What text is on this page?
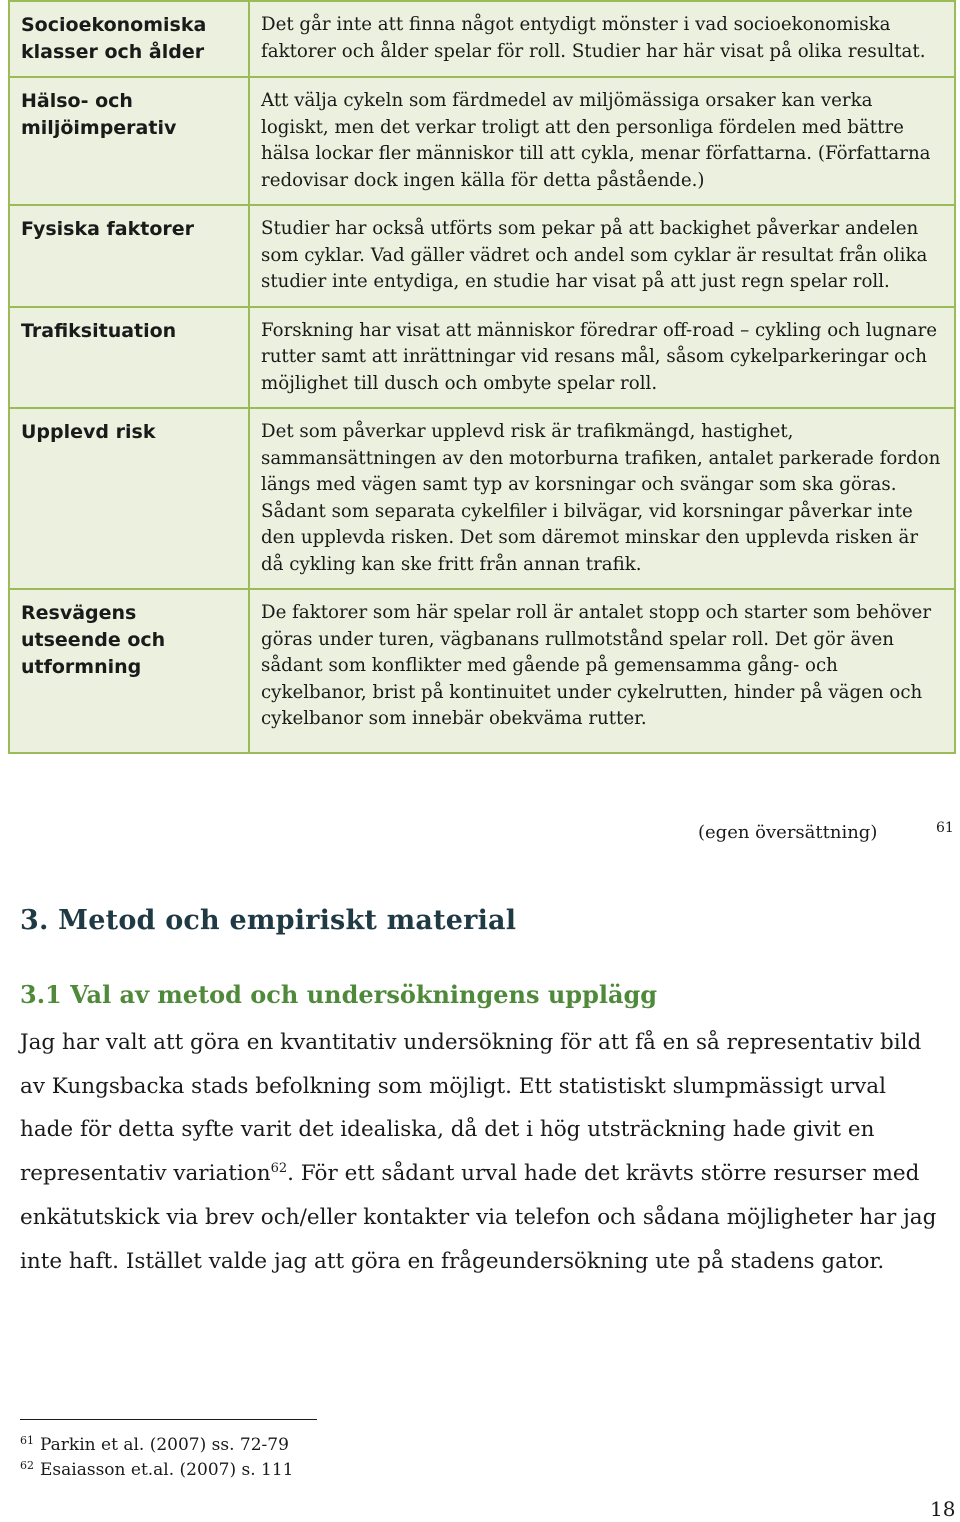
Socioekonomiska klasser och ålder	Det går inte att finna något entydigt mönster i vad socioekonomiska faktorer och ålder spelar för roll. Studier har här visat på olika resultat.
Hälso- och miljöimperativ	Att välja cykeln som färdmedel av miljömässiga orsaker kan verka logiskt, men det verkar troligt att den personliga fördelen med bättre hälsa lockar fler människor till att cykla, menar författarna. (Författarna redovisar dock ingen källa för detta påstående.)
Fysiska faktorer	Studier har också utförts som pekar på att backighet påverkar andelen som cyklar. Vad gäller vädret och andel som cyklar är resultat från olika studier inte entydiga, en studie har visat på att just regn spelar roll.
Trafiksituation	Forskning har visat att människor föredrar off-road – cykling och lugnare rutter samt att inrättningar vid resans mål, såsom cykelparkeringar och möjlighet till dusch och ombyte spelar roll.
Upplevd risk	Det som påverkar upplevd risk är trafikmängd, hastighet, sammansättningen av den motorburna trafiken, antalet parkerade fordon längs med vägen samt typ av korsningar och svängar som ska göras. Sådant som separata cykelfiler i bilvägar, vid korsningar påverkar inte den upplevda risken. Det som däremot minskar den upplevda risken är då cykling kan ske fritt från annan trafik.
Resvägens utseende och utformning	De faktorer som här spelar roll är antalet stopp och starter som behöver göras under turen, vägbanans rullmotstånd spelar roll. Det gör även sådant som konflikter med gående på gemensamma gång- och cykelbanor, brist på kontinuitet under cykelrutten, hinder på vägen och cykelbanor som innebär obekväma rutter.
(egen översättning)	61
3. Metod och empiriskt material
3.1 Val av metod och undersökningens upplägg

Jag har valt att göra en kvantitativ undersökning för att få en så representativ bild av Kungsbacka stads befolkning som möjligt. Ett statistiskt slumpmässigt urval hade för detta syfte varit det idealiska, då det i hög utsträckning hade givit en representativ variation$^{62}$. För ett sådant urval hade det krävts större resurser med enkätutskick via brev och/eller kontakter via telefon och sådana möjligheter har jag inte haft. Istället valde jag att göra en frågeundersökning ute på stadens gator.

$^{61}$ Parkin et al. (2007) ss. 72-79
$^{62}$ Esaiasson et.al. (2007) s. 111
18
